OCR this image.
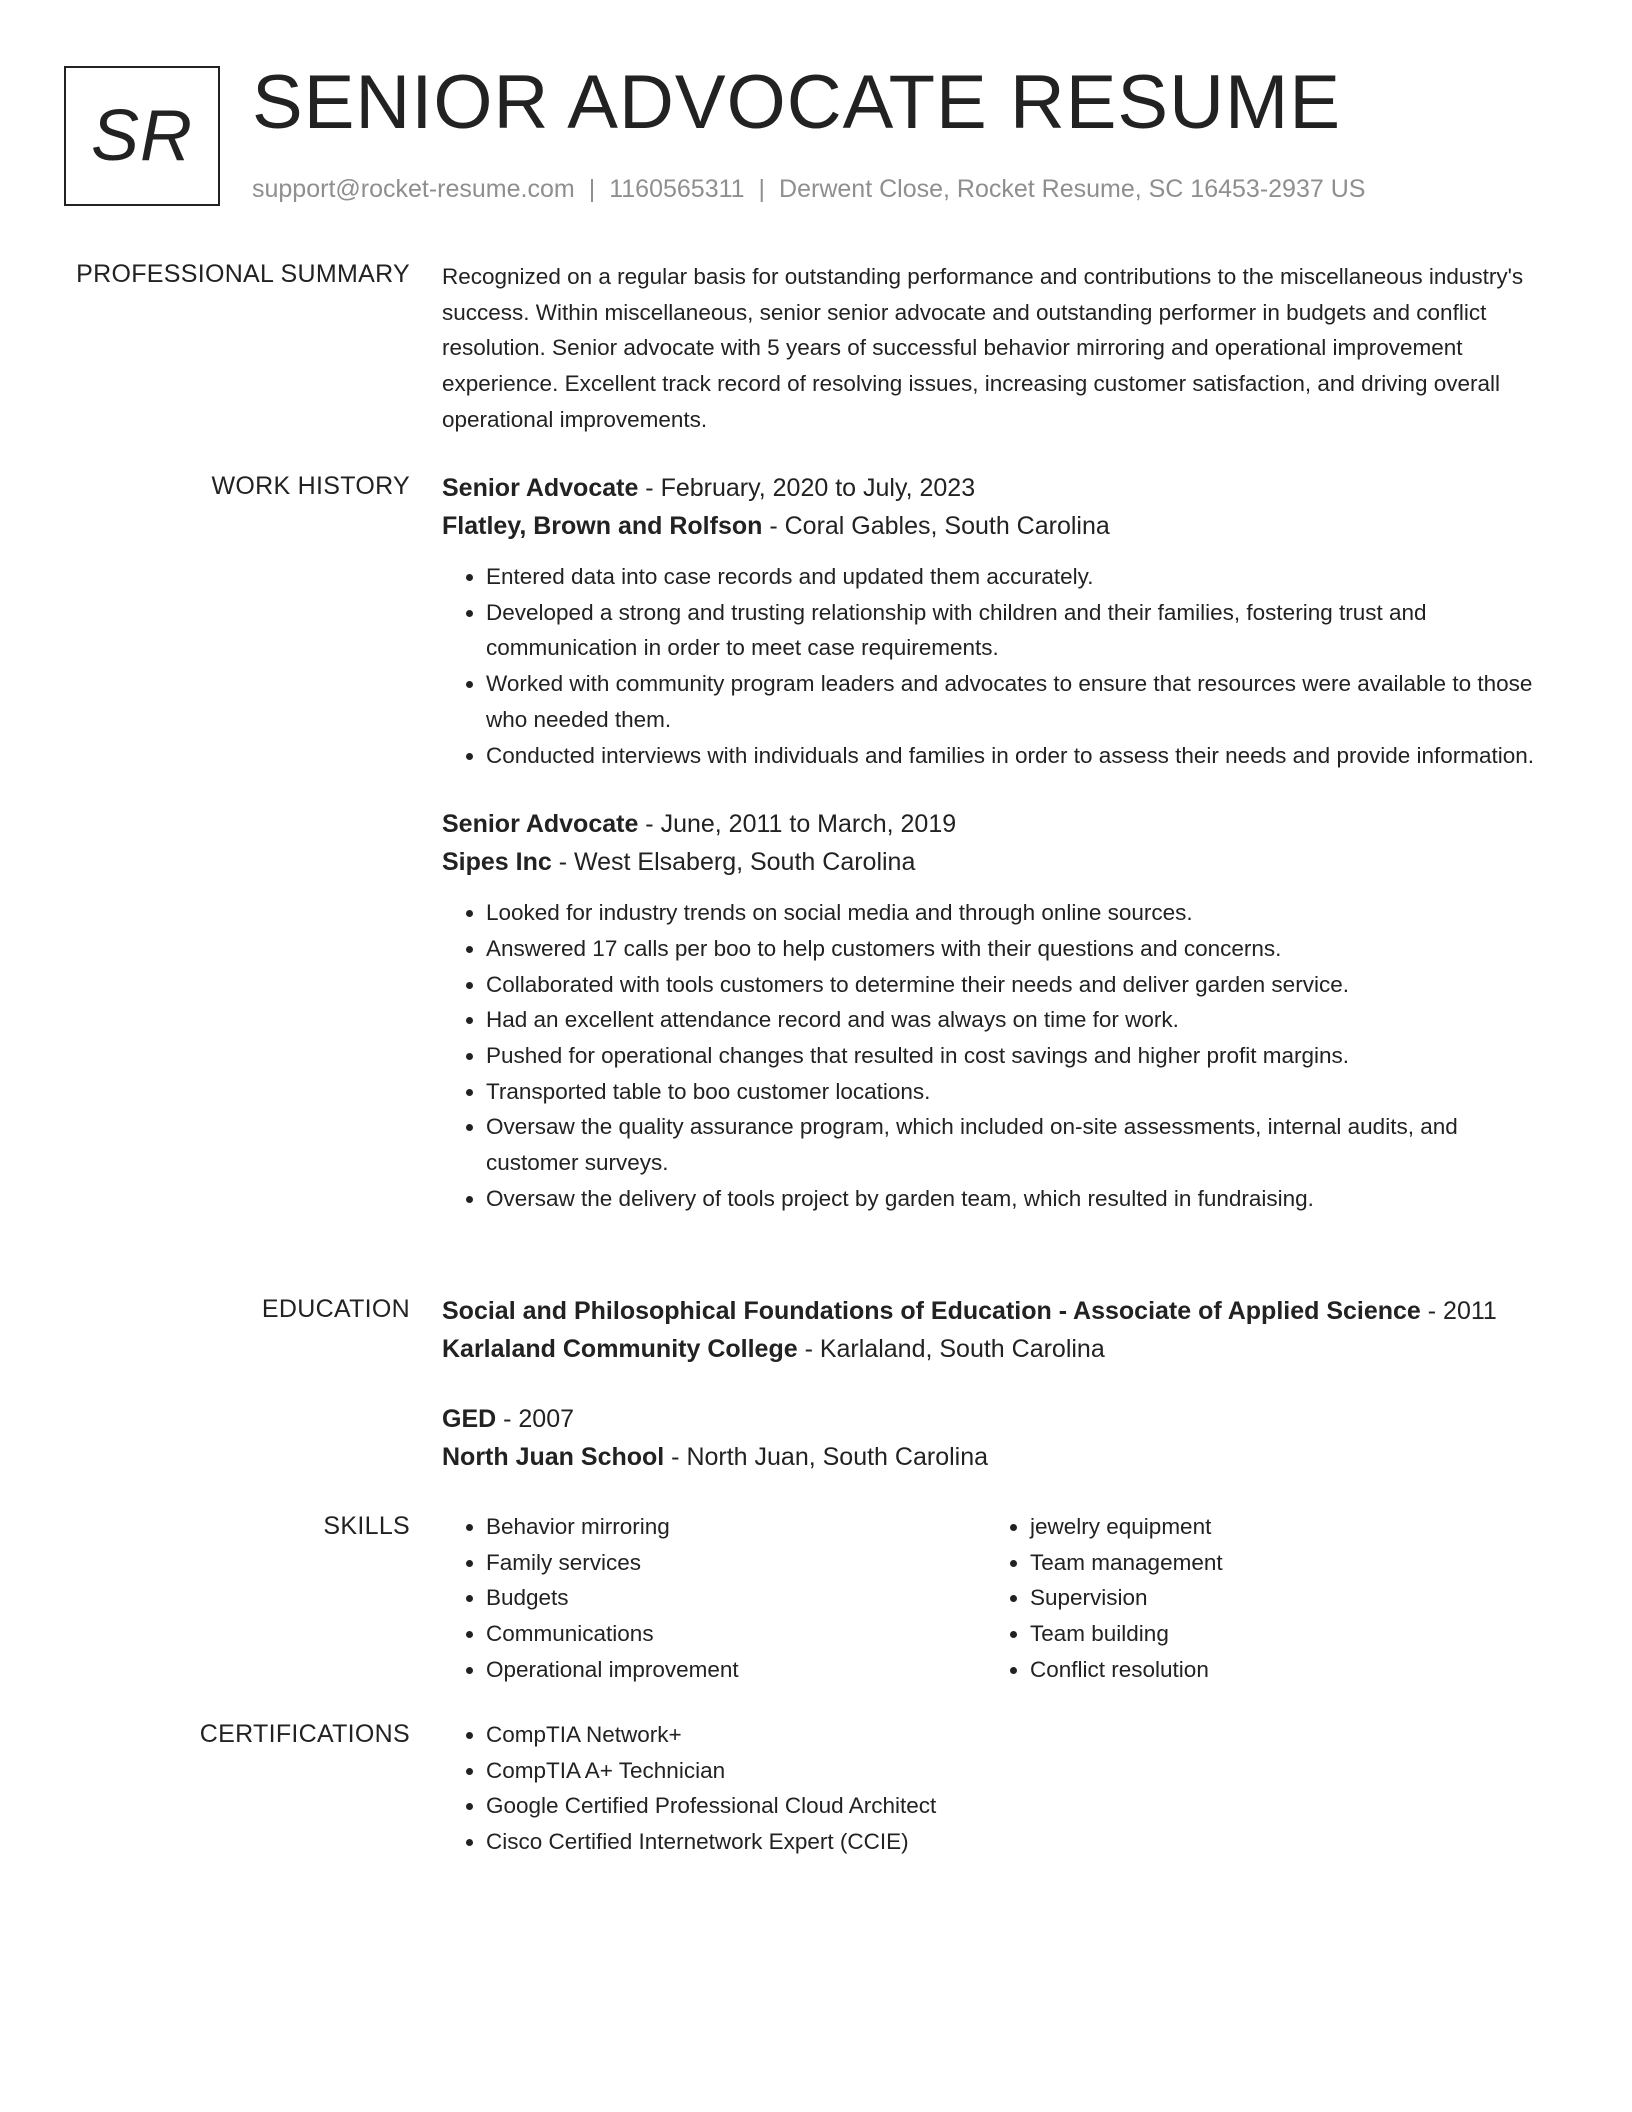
SR SENIOR ADVOCATE RESUME
support@rocket-resume.com | 1160565311 | Derwent Close, Rocket Resume, SC 16453-2937 US
PROFESSIONAL SUMMARY Recognized on a regular basis for outstanding performance and contributions to the miscellaneous industry's success. Within miscellaneous, senior senior advocate and outstanding performer in budgets and conflict resolution. Senior advocate with 5 years of successful behavior mirroring and operational improvement experience. Excellent track record of resolving issues, increasing customer satisfaction, and driving overall operational improvements.

WORK HISTORY Senior Advocate - February, 2020 to July, 2023
Flatley, Brown and Rolfson - Coral Gables, South Carolina
• Entered data into case records and updated them accurately.
• Developed a strong and trusting relationship with children and their families, fostering trust and communication in order to meet case requirements.
• Worked with community program leaders and advocates to ensure that resources were available to those who needed them.
• Conducted interviews with individuals and families in order to assess their needs and provide information.
Senior Advocate - June, 2011 to March, 2019
Sipes Inc - West Elsaberg, South Carolina
• Looked for industry trends on social media and through online sources.
• Answered 17 calls per boo to help customers with their questions and concerns.
• Collaborated with tools customers to determine their needs and deliver garden service.
• Had an excellent attendance record and was always on time for work.
• Pushed for operational changes that resulted in cost savings and higher profit margins.
• Transported table to boo customer locations.
• Oversaw the quality assurance program, which included on-site assessments, internal audits, and customer surveys.
• Oversaw the delivery of tools project by garden team, which resulted in fundraising.
EDUCATION Social and Philosophical Foundations of Education - Associate of Applied Science - 2011
Karlaland Community College - Karlaland, South Carolina
GED - 2007
North Juan School - North Juan, South Carolina
SKILLS	• Behavior mirroring
• Family services
• Budgets
• Communications
• Operational improvement
• jewelry equipment
• Team management
• Supervision
• Team building
• Conflict resolution
CERTIFICATIONS	• CompTIA Network+
• CompTIA A+ Technician
• Google Certified Professional Cloud Architect
• Cisco Certified Internetwork Expert (CCIE)
